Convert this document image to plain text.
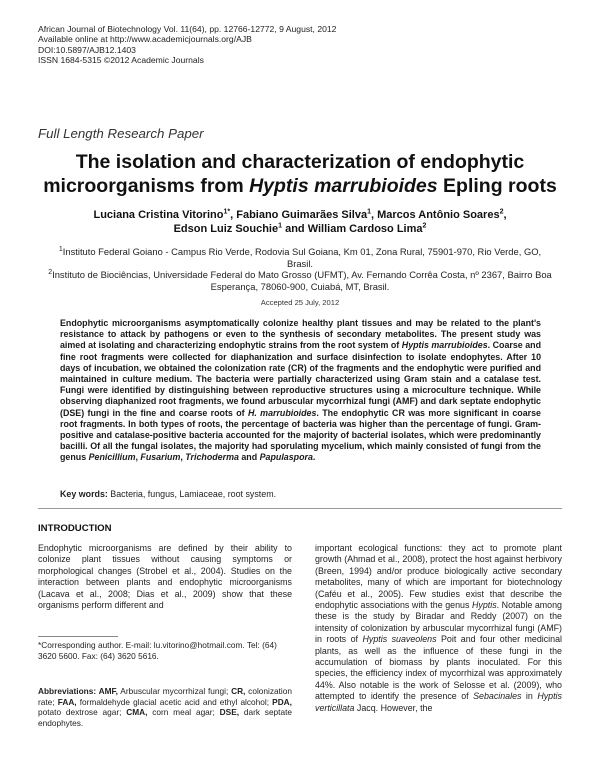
African Journal of Biotechnology Vol. 11(64), pp. 12766-12772, 9 August, 2012
Available online at http://www.academicjournals.org/AJB
DOI:10.5897/AJB12.1403
ISSN 1684-5315 ©2012 Academic Journals
Full Length Research Paper
The isolation and characterization of endophytic
microorganisms from Hyptis marrubioides Epling roots
Luciana Cristina Vitorino$^{1*}$, Fabiano Guimarães Silva$^1$, Marcos Antônio Soares$^2$,
Edson Luiz Souchie$^1$ and William Cardoso Lima$^2$

$^1$Instituto Federal Goiano - Campus Rio Verde, Rodovia Sul Goiana, Km 01, Zona Rural, 75901-970, Rio Verde, GO, Brasil.

$^2$Instituto de Biociências, Universidade Federal do Mato Grosso (UFMT), Av. Fernando Corrêa Costa, nº 2367, Bairro Boa Esperança, 78060-900, Cuiabá, MT, Brasil.

Accepted 25 July, 2012
Endophytic microorganisms asymptomatically colonize healthy plant tissues and may be related to the plant's resistance to attack by pathogens or even to the synthesis of secondary metabolites. The present study was aimed at isolating and characterizing endophytic strains from the root system of Hyptis marrubioides. Coarse and fine root fragments were collected for diaphanization and surface disinfection to isolate endophytes. After 10 days of incubation, we obtained the colonization rate (CR) of the fragments and the endophytic were purified and maintained in culture medium. The bacteria were partially characterized using Gram stain and a catalase test. Fungi were identified by distinguishing between reproductive structures using a microculture technique. While observing diaphanized root fragments, we found arbuscular mycorrhizal fungi (AMF) and dark septate endophytic (DSE) fungi in the fine and coarse roots of H. marrubioides. The endophytic CR was more significant in coarse root fragments. In both types of roots, the percentage of bacteria was higher than the percentage of fungi. Gram-positive and catalase-positive bacteria accounted for the majority of bacterial isolates, which were predominantly bacilli. Of all the fungal isolates, the majority had sporulating mycelium, which mainly consisted of fungi from the genus Penicillium, Fusarium, Trichoderma and Papulaspora.
Key words: Bacteria, fungus, Lamiaceae, root system.
INTRODUCTION

Endophytic microorganisms are defined by their ability to colonize plant tissues without causing symptoms or morphological changes (Strobel et al., 2004). Studies on the interaction between plants and endophytic microorganisms (Lacava et al., 2008; Dias et al., 2009) show that these organisms perform different and

*Corresponding author. E-mail: lu.vitorino@hotmail.com. Tel: (64) 3620 5600. Fax: (64) 3620 5616.
Abbreviations: AMF, Arbuscular mycorrhizal fungi; CR, colonization rate; FAA, formaldehyde glacial acetic acid and ethyl alcohol; PDA, potato dextrose agar; CMA, corn meal agar; DSE, dark septate endophytes.
important ecological functions: they act to promote plant growth (Ahmad et al., 2008), protect the host against herbivory (Breen, 1994) and/or produce biologically active secondary metabolites, many of which are important for biotechnology (Caféu et al., 2005). Few studies exist that describe the endophytic associations with the genus Hyptis. Notable among these is the study by Biradar and Reddy (2007) on the intensity of colonization by arbuscular mycorrhizal fungi (AMF) in roots of Hyptis suaveolens Poit and four other medicinal plants, as well as the influence of these fungi in the accumulation of biomass by plants inoculated. For this species, the efficiency index of mycorrhizal was approximately 44%. Also notable is the work of Selosse et al. (2009), who attempted to identify the presence of Sebacinales in Hyptis verticillata Jacq. However, the
